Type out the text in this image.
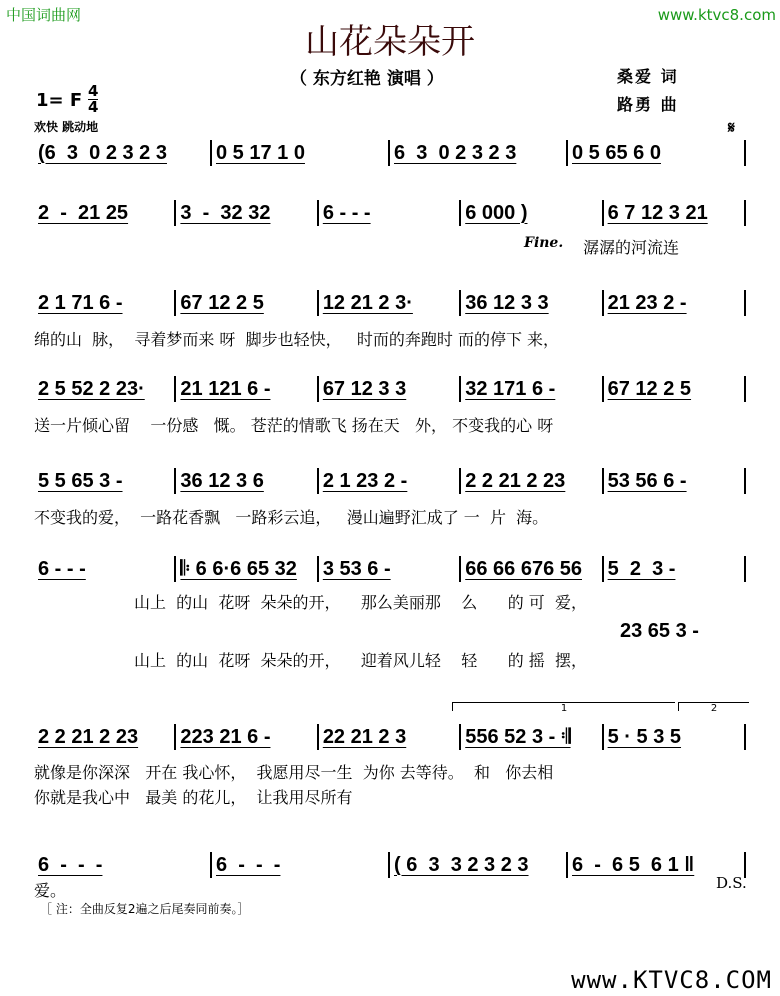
中国词曲网	www.ktvc8.com
山花朵朵开
（ 东方红艳 演唱 ）	桑爱 词
路勇 曲
1= F 4
4
欢快 跳动地	𝄋
(6  3  0 2 3 2 3	0 5 17 1 0	6  3  0 2 3 2 3	0 5 65 6 0
2  -  21 25	3  -  32 32	6 - - -	6 000 )	6 7 12 3 21
潺潺的河流连
Fine.
2 1 71 6 -	67 12 2 5	12 21 2 3·	36 12 3 3	21 23 2 -
绵的山  脉，  寻着梦而来 呀  脚步也轻快，   时而的奔跑时 而的停下 来，
2 5 52 2 23·	21 121 6 -	67 12 3 3	32 171 6 -	67 12 2 5
送一片倾心留    一份感   慨。 苍茫的情歌飞 扬在天   外， 不变我的心 呀
5 5 65 3 -	36 12 3 6	2 1 23 2 -	2 2 21 2 23	53 56 6 -
不变我的爱，  一路花香飘   一路彩云追，   漫山遍野汇成了 一  片  海。
6 - - -	𝄆 6 6·6 65 32	3 53 6 -	66 66 676 56	5  2  3 -
山上  的山  花呀  朵朵的开，    那么美丽那    么      的 可  爱，
山上  的山  花呀  朵朵的开，    迎着风儿轻    轻      的 摇  摆，
23 65 3 -
2 2 21 2 23	223 21 6 -	22 21 2 3	556 52 3 - 𝄇	5 · 5 3 5
就像是你深深   开在 我心怀，  我愿用尽一生  为你 去等待。  和   你去相
你就是我心中   最美 的花儿，  让我用尽所有
1	2
6  -  -  -	6  -  -  -	( 6  3  3 2 3 2 3	6  -  6 5  6 1 ‖
爱。	D.S.
［ 注：全曲反复2遍之后尾奏同前奏。］
www.KTVC8.COM
